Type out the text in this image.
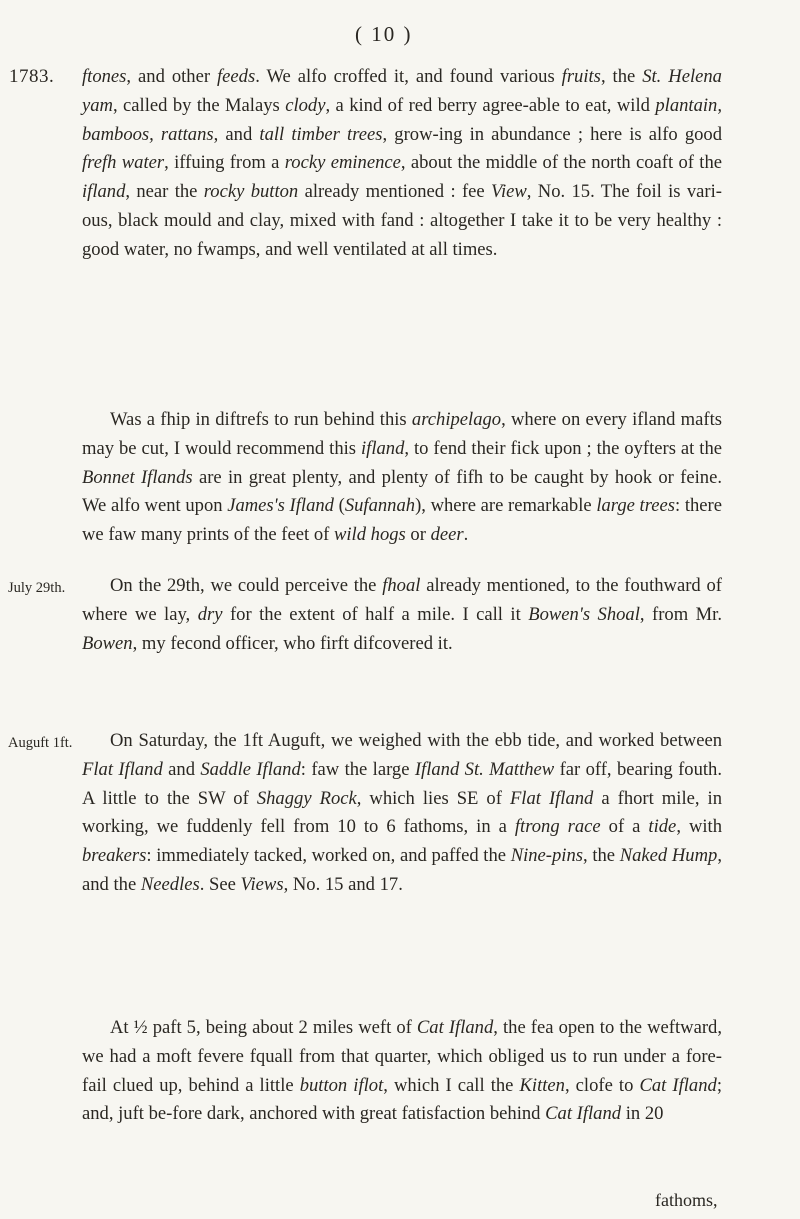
1783.
( 10 )

ftones, and other feeds. We alfo croffed it, and found various fruits, the St. Helena yam, called by the Malays clody, a kind of red berry agree-able to eat, wild plantain, bamboos, rattans, and tall timber trees, grow-ing in abundance ; here is alfo good frefh water, iffuing from a rocky eminence, about the middle of the north coaft of the ifland, near the rocky button already mentioned : fee View, No. 15. The foil is vari-ous, black mould and clay, mixed with fand : altogether I take it to be very healthy : good water, no fwamps, and well ventilated at all times.

Was a fhip in diftrefs to run behind this archipelago, where on every ifland mafts may be cut, I would recommend this ifland, to fend their fick upon ; the oyfters at the Bonnet Iflands are in great plenty, and plenty of fifh to be caught by hook or feine. We alfo went upon James's Ifland (Sufannah), where are remarkable large trees: there we faw many prints of the feet of wild hogs or deer.

July 29th.	On the 29th, we could perceive the fhoal already mentioned, to the fouthward of where we lay, dry for the extent of half a mile. I call it Bowen's Shoal, from Mr. Bowen, my fecond officer, who firft difcovered it.

Auguft 1ft.	On Saturday, the 1ft Auguft, we weighed with the ebb tide, and worked between Flat Ifland and Saddle Ifland: faw the large Ifland St. Matthew far off, bearing fouth. A little to the SW of Shaggy Rock, which lies SE of Flat Ifland a fhort mile, in working, we fuddenly fell from 10 to 6 fathoms, in a ftrong race of a tide, with breakers: immediately tacked, worked on, and paffed the Nine-pins, the Naked Hump, and the Needles. See Views, No. 15 and 17.

At ½ paft 5, being about 2 miles weft of Cat Ifland, the fea open to the weftward, we had a moft fevere fquall from that quarter, which obliged us to run under a fore-fail clued up, behind a little button iflot, which I call the Kitten, clofe to Cat Ifland; and, juft be-fore dark, anchored with great fatisfaction behind Cat Ifland in 20

fathoms,
